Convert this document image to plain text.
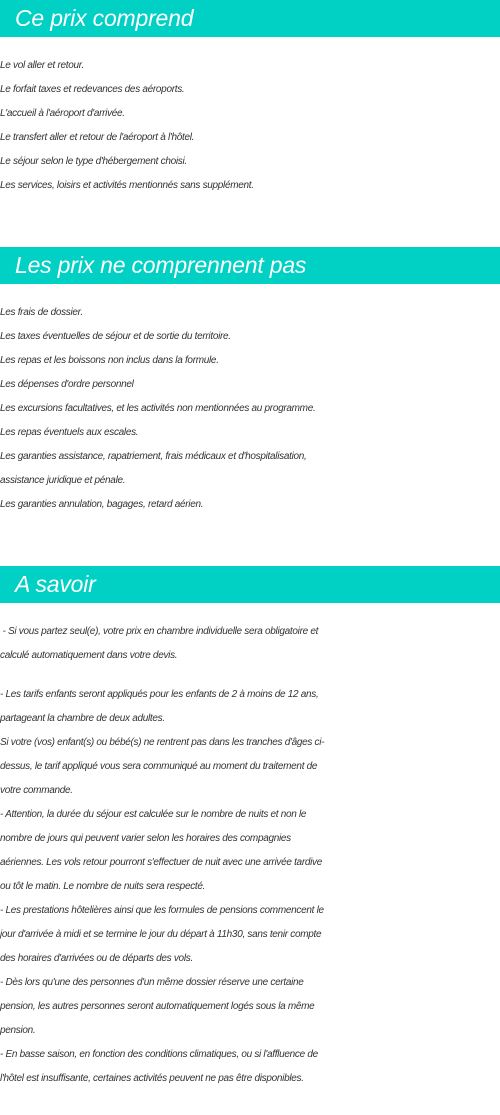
Ce prix comprend
Le vol aller et retour.
Le forfait taxes et redevances des aéroports.
L'accueil à l'aéroport d'arrivée.
Le transfert aller et retour de l'aéroport à l'hôtel.
Le séjour selon le type d'hébergement choisi.
Les services, loisirs et activités mentionnés sans supplément.
Les prix ne comprennent pas
Les frais de dossier.
Les taxes éventuelles de séjour et de sortie du territoire.
Les repas et les boissons non inclus dans la formule.
Les dépenses d'ordre personnel
Les excursions facultatives, et les activités non mentionnées au programme.
Les repas éventuels aux escales.
Les garanties assistance, rapatriement, frais médicaux et d'hospitalisation,
assistance juridique et pénale.
Les garanties annulation, bagages, retard aérien.
A savoir

- Si vous partez seul(e), votre prix en chambre individuelle sera obligatoire et
calculé automatiquement dans votre devis.

- Les tarifs enfants seront appliqués pour les enfants de 2 à moins de 12 ans,
partageant la chambre de deux adultes.
Si votre (vos) enfant(s) ou bébé(s) ne rentrent pas dans les tranches d'âges ci-
dessus, le tarif appliqué vous sera communiqué au moment du traitement de
votre commande.
- Attention, la durée du séjour est calculée sur le nombre de nuits et non le
nombre de jours qui peuvent varier selon les horaires des compagnies
aériennes. Les vols retour pourront s'effectuer de nuit avec une arrivée tardive
ou tôt le matin. Le nombre de nuits sera respecté.
- Les prestations hôtelières ainsi que les formules de pensions commencent le
jour d'arrivée à midi et se termine le jour du départ à 11h30, sans tenir compte
des horaires d'arrivées ou de départs des vols.
- Dès lors qu'une des personnes d'un même dossier réserve une certaine
pension, les autres personnes seront automatiquement logés sous la même
pension.
- En basse saison, en fonction des conditions climatiques, ou si l'affluence de
l'hôtel est insuffisante, certaines activités peuvent ne pas être disponibles.
